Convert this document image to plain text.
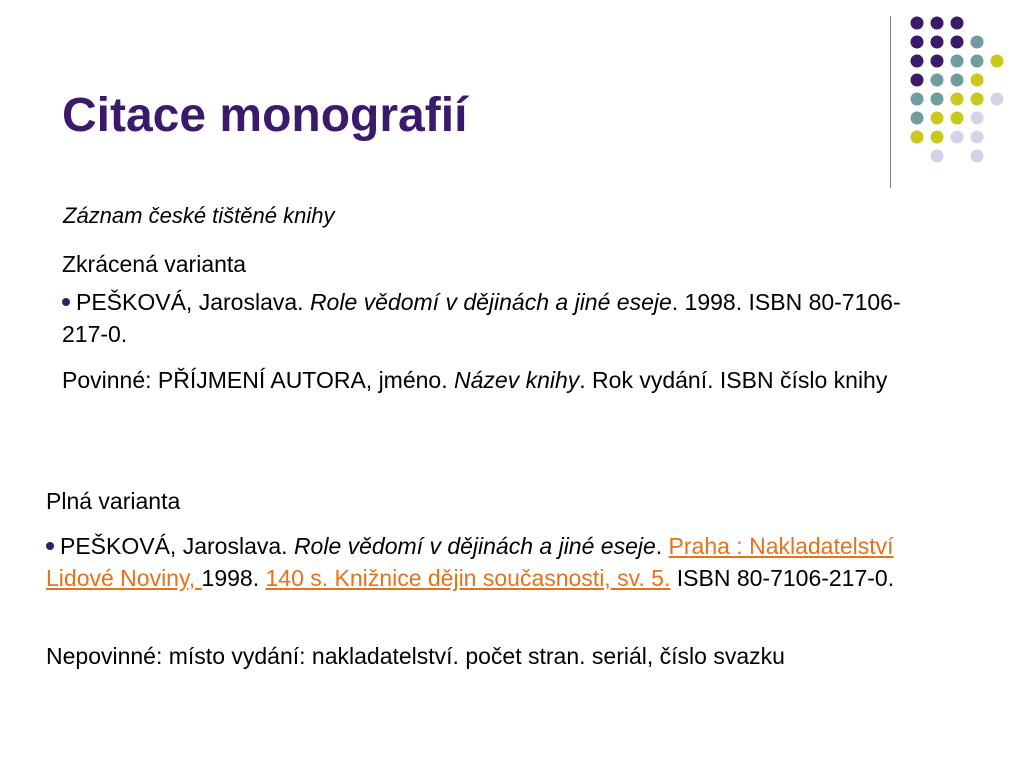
Citace monografií
Záznam české tištěné knihy
Zkrácená varianta
PEŠKOVÁ, Jaroslava. Role vědomí v dějinách a jiné eseje. 1998. ISBN 80-7106-217-0.
Povinné: PŘÍJMENÍ AUTORA, jméno. Název knihy. Rok vydání. ISBN číslo knihy
Plná varianta
PEŠKOVÁ, Jaroslava. Role vědomí v dějinách a jiné eseje. Praha : Nakladatelství Lidové Noviny, 1998. 140 s. Knižnice dějin současnosti, sv. 5. ISBN 80-7106-217-0.
Nepovinné: místo vydání: nakladatelství. počet stran. seriál, číslo svazku
